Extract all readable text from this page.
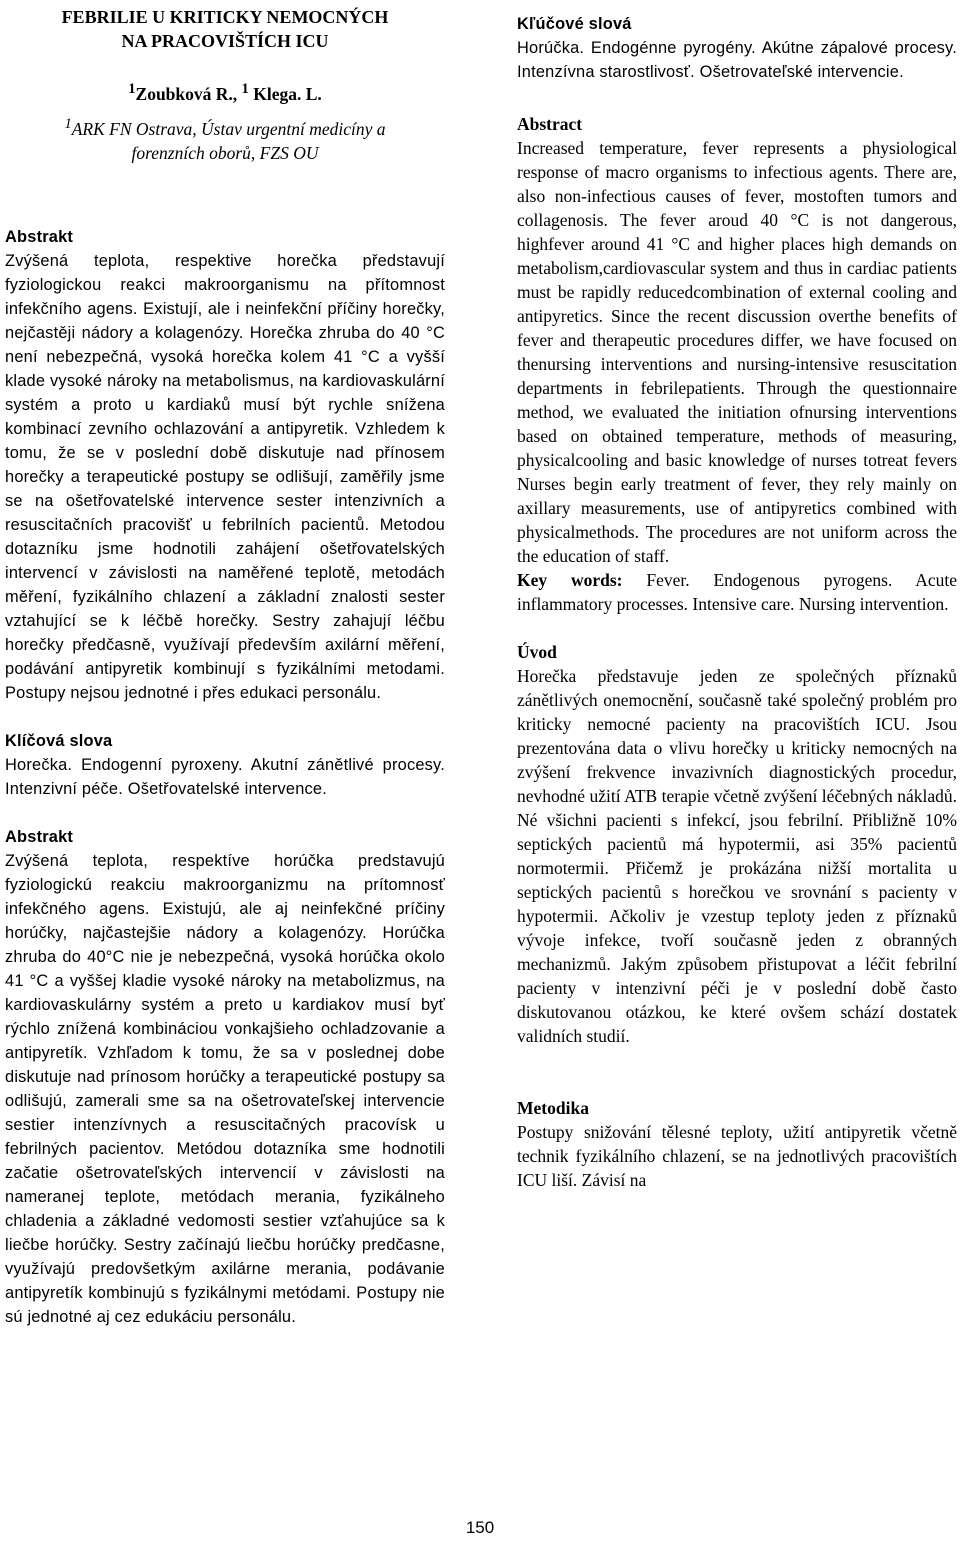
FEBRILIE U KRITICKY NEMOCNÝCH
NA PRACOVIŠTÍCH ICU
$^1$Zoubková R., $^1$ Klega. L.
$^1$ARK FN Ostrava, Ústav urgentní medicíny a
forenzních oborů, FZS OU
Abstrakt

Zvýšená teplota, respektive horečka představují fyziologickou reakci makroorganismu na přítomnost infekčního agens. Existují, ale i neinfekční příčiny horečky, nejčastěji nádory a kolagenózy. Horečka zhruba do 40 °C není nebezpečná, vysoká horečka kolem 41 °C a vyšší klade vysoké nároky na metabolismus, na kardiovaskulární systém a proto u kardiaků musí být rychle snížena kombinací zevního ochlazování a antipyretik. Vzhledem k tomu, že se v poslední době diskutuje nad přínosem horečky a terapeutické postupy se odlišují, zaměřily jsme se na ošetřovatelské intervence sester intenzivních a resuscitačních pracovišť u febrilních pacientů. Metodou dotazníku jsme hodnotili zahájení ošetřovatelských intervencí v závislosti na naměřené teplotě, metodách měření, fyzikálního chlazení a základní znalosti sester vztahující se k léčbě horečky. Sestry zahajují léčbu horečky předčasně, využívají především axilární měření, podávání antipyretik kombinují s fyzikálními metodami. Postupy nejsou jednotné i přes edukaci personálu.

Klíčová slova

Horečka. Endogenní pyroxeny. Akutní zánětlivé procesy. Intenzivní péče. Ošetřovatelské intervence.

Abstrakt

Zvýšená teplota, respektíve horúčka predstavujú fyziologickú reakciu makroorganizmu na prítomnosť infekčného agens. Existujú, ale aj neinfekčné príčiny horúčky, najčastejšie nádory a kolagenózy. Horúčka zhruba do 40°C nie je nebezpečná, vysoká horúčka okolo 41 °C a vyššej kladie vysoké nároky na metabolizmus, na kardiovaskulárny systém a preto u kardiakov musí byť rýchlo znížená kombináciou vonkajšieho ochladzovanie a antipyretík. Vzhľadom k tomu, že sa v poslednej dobe diskutuje nad prínosom horúčky a terapeutické postupy sa odlišujú, zamerali sme sa na ošetrovateľskej intervencie sestier intenzívnych a resuscitačných pracovísk u febrilných pacientov. Metódou dotazníka sme hodnotili začatie ošetrovateľských intervencií v závislosti na nameranej teplote, metódach merania, fyzikálneho chladenia a základné vedomosti sestier vzťahujúce sa k liečbe horúčky. Sestry začínajú liečbu horúčky predčasne, využívajú predovšetkým axilárne merania, podávanie antipyretík kombinujú s fyzikálnymi metódami. Postupy nie sú jednotné aj cez edukáciu personálu.

Kľúčové slová

Horúčka. Endogénne pyrogény. Akútne zápalové procesy. Intenzívna starostlivosť. Ošetrovateľské intervencie.

Abstract

Increased temperature, fever represents a physiological response of macro organisms to infectious agents. There are, also non-infectious causes of fever, mostoften tumors and collagenosis. The fever aroud 40 °C is not dangerous, highfever around 41 °C and higher places high demands on metabolism,cardiovascular system and thus in cardiac patients must be rapidly reducedcombination of external cooling and antipyretics. Since the recent discussion overthe benefits of fever and therapeutic procedures differ, we have focused on thenursing interventions and nursing-intensive resuscitation departments in febrilepatients. Through the questionnaire method, we evaluated the initiation ofnursing interventions based on obtained temperature, methods of measuring, physicalcooling and basic knowledge of nurses totreat fevers Nurses begin early treatment of fever, they rely mainly on axillary measurements, use of antipyretics combined with physicalmethods. The procedures are not uniform across the the education of staff.

Key words: Fever. Endogenous pyrogens. Acute inflammatory processes. Intensive care. Nursing intervention.

Úvod

Horečka představuje jeden ze společných příznaků zánětlivých onemocnění, současně také společný problém pro kriticky nemocné pacienty na pracovištích ICU. Jsou prezentována data o vlivu horečky u kriticky nemocných na zvýšení frekvence invazivních diagnostických procedur, nevhodné užití ATB terapie včetně zvýšení léčebných nákladů. Né všichni pacienti s infekcí, jsou febrilní. Přibližně 10% septických pacientů má hypotermii, asi 35% pacientů normotermii. Přičemž je prokázána nižší mortalita u septických pacientů s horečkou ve srovnání s pacienty v hypotermii. Ačkoliv je vzestup teploty jeden z příznaků vývoje infekce, tvoří současně jeden z obranných mechanizmů. Jakým způsobem přistupovat a léčit febrilní pacienty v intenzivní péči je v poslední době často diskutovanou otázkou, ke které ovšem schází dostatek validních studií.

Metodika

Postupy snižování tělesné teploty, užití antipyretik včetně technik fyzikálního chlazení, se na jednotlivých pracovištích ICU liší. Závisí na

150
